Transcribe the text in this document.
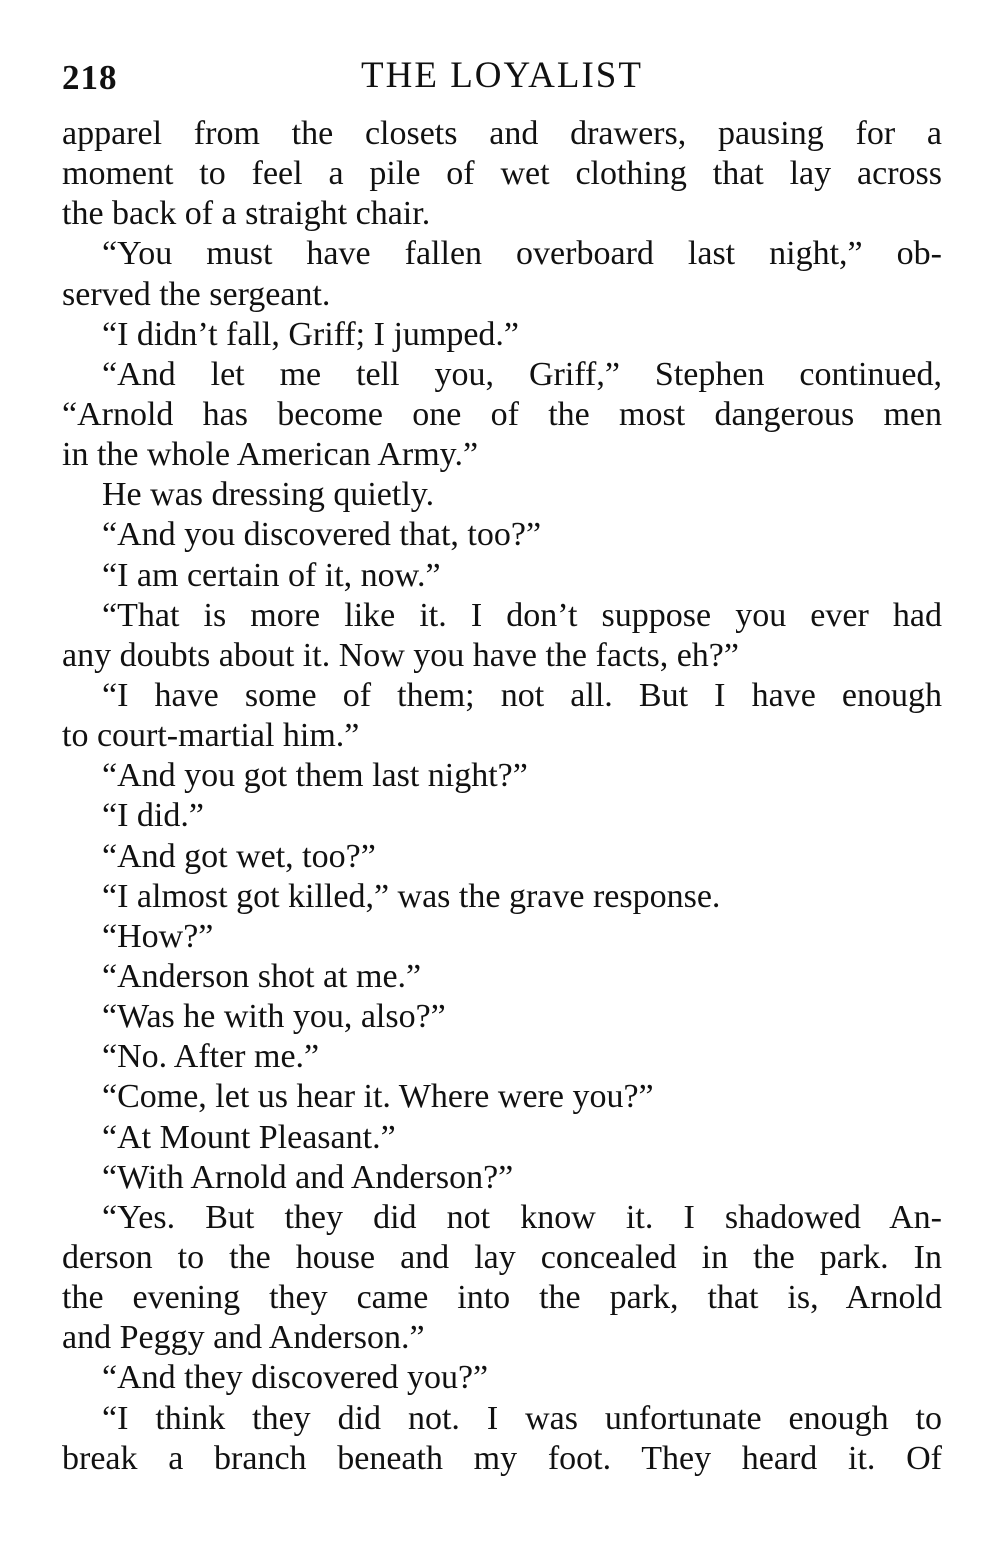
218	THE LOYALIST
apparel from the closets and drawers, pausing for a
moment to feel a pile of wet clothing that lay across
the back of a straight chair.
“You must have fallen overboard last night,” ob-
served the sergeant.
“I didn’t fall, Griff; I jumped.”
“And let me tell you, Griff,” Stephen continued,
“Arnold has become one of the most dangerous men
in the whole American Army.”
He was dressing quietly.
“And you discovered that, too?”
“I am certain of it, now.”
“That is more like it. I don’t suppose you ever had
any doubts about it. Now you have the facts, eh?”
“I have some of them; not all. But I have enough
to court-martial him.”
“And you got them last night?”
“I did.”
“And got wet, too?”
“I almost got killed,” was the grave response.
“How?”
“Anderson shot at me.”
“Was he with you, also?”
“No. After me.”
“Come, let us hear it. Where were you?”
“At Mount Pleasant.”
“With Arnold and Anderson?”
“Yes. But they did not know it. I shadowed An-
derson to the house and lay concealed in the park. In
the evening they came into the park, that is, Arnold
and Peggy and Anderson.”
“And they discovered you?”
“I think they did not. I was unfortunate enough to
break a branch beneath my foot. They heard it. Of
